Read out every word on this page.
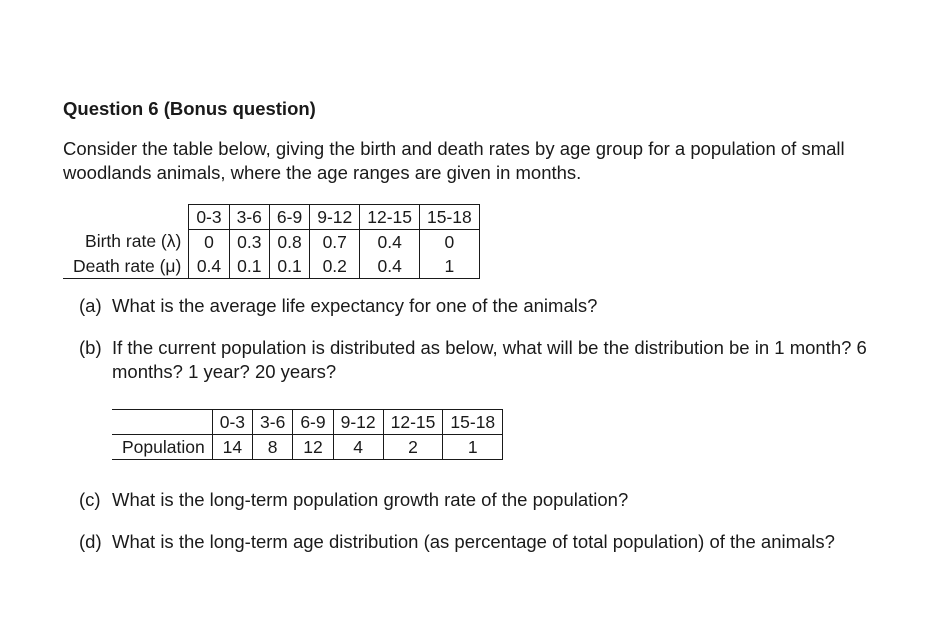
Question 6 (Bonus question)
Consider the table below, giving the birth and death rates by age group for a population of small woodlands animals, where the age ranges are given in months.
	0-3	3-6	6-9	9-12	12-15	15-18
Birth rate (λ)	0	0.3	0.8	0.7	0.4	0
Death rate (μ)	0.4	0.1	0.1	0.2	0.4	1
(a) What is the average life expectancy for one of the animals?
(b) If the current population is distributed as below, what will be the distribution be in 1 month? 6
months? 1 year? 20 years?
	0-3	3-6	6-9	9-12	12-15	15-18
Population	14	8	12	4	2	1
(c) What is the long-term population growth rate of the population?
(d) What is the long-term age distribution (as percentage of total population) of the animals?
